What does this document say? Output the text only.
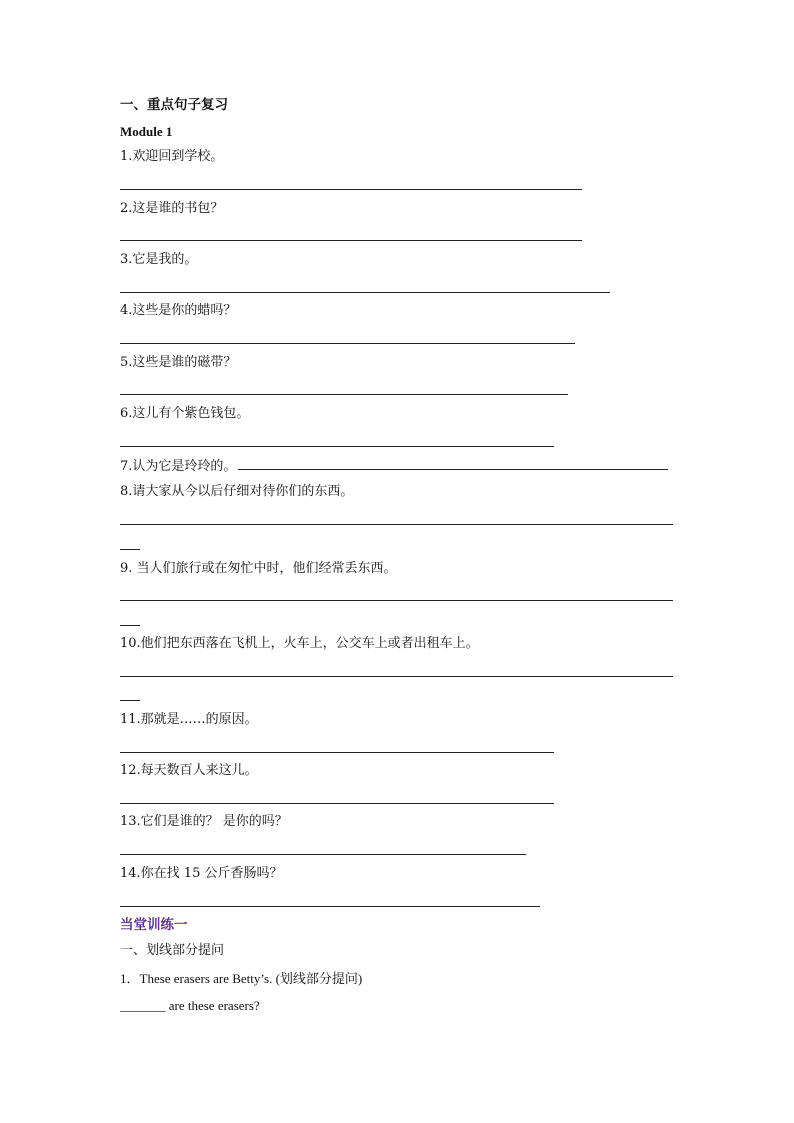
一、重点句子复习
Module 1
1.欢迎回到学校。
2.这是谁的书包？
3.它是我的。
4.这些是你的蜡吗？
5.这些是谁的磁带？
6.这儿有个紫色钱包。
7.认为它是玲玲的。
8.请大家从今以后仔细对待你们的东西。
9. 当人们旅行或在匆忙中时，他们经常丢东西。
10.他们把东西落在飞机上，火车上，公交车上或者出租车上。
11.那就是……的原因。
12.每天数百人来这儿。
13.它们是谁的？ 是你的吗？
14.你在找 15 公斤香肠吗？
当堂训练一
一、划线部分提问
1．These erasers are Betty’s. (划线部分提问)
_______ are these erasers?
